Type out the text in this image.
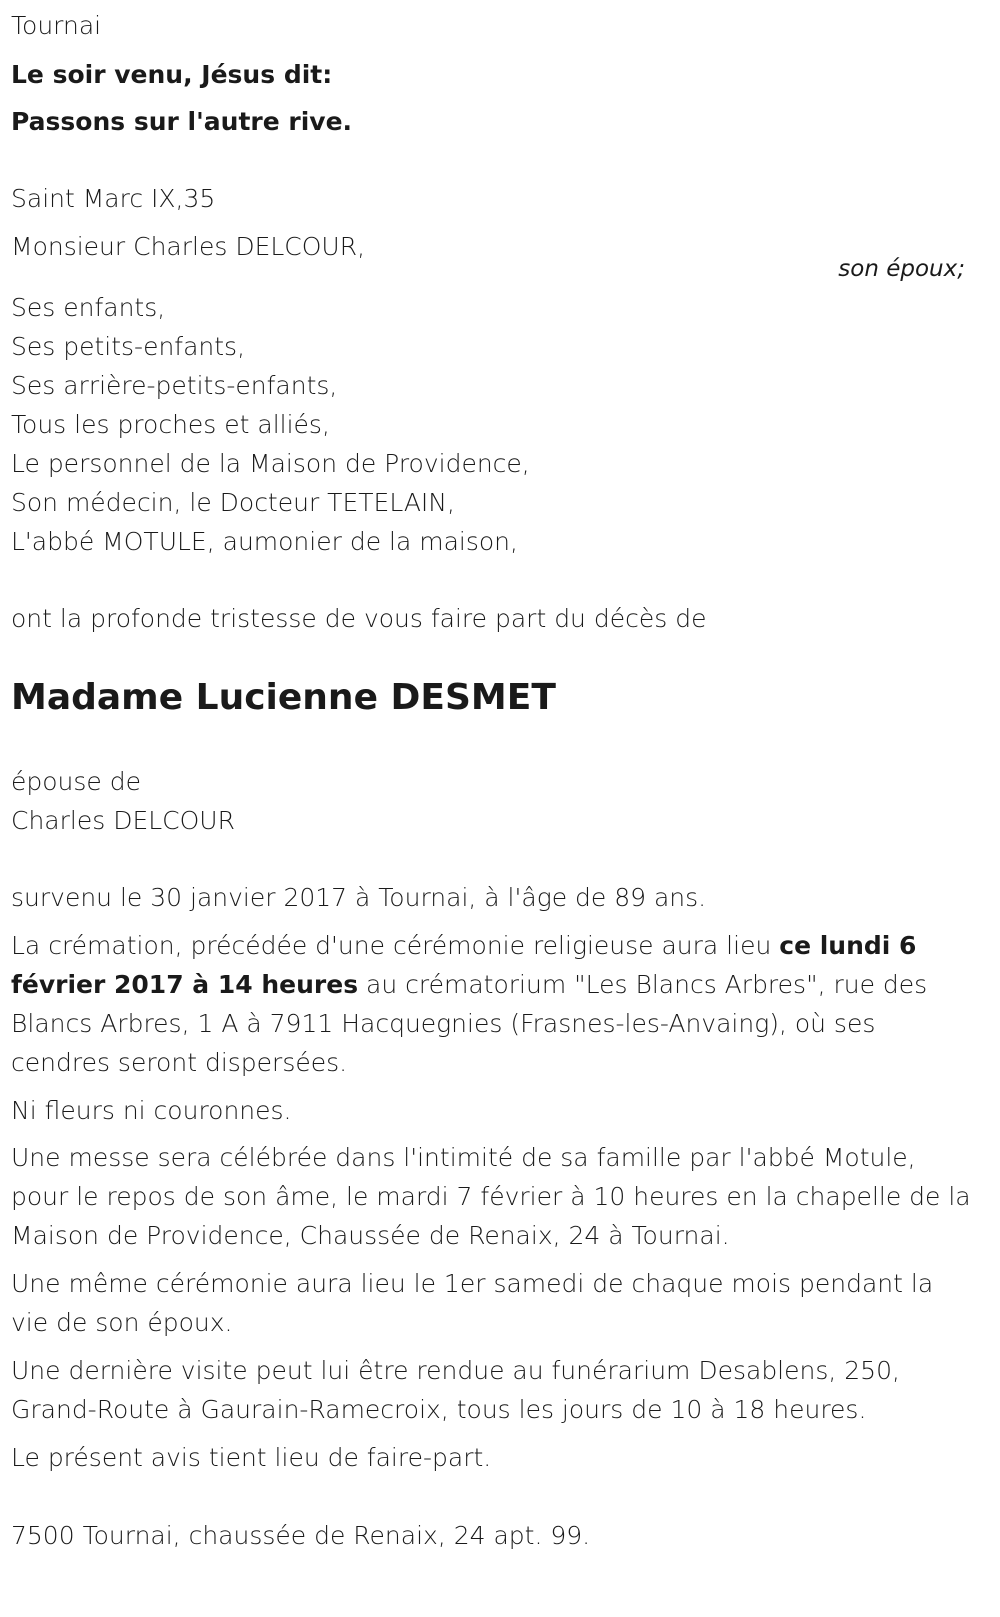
Tournai
Le soir venu, Jésus dit:
Passons sur l'autre rive.
Saint Marc IX,35
Monsieur Charles DELCOUR,
son époux;
Ses enfants,
Ses petits-enfants,
Ses arrière-petits-enfants,
Tous les proches et alliés,
Le personnel de la Maison de Providence,
Son médecin, le Docteur TETELAIN,
L'abbé MOTULE, aumonier de la maison,
ont la profonde tristesse de vous faire part du décès de
Madame Lucienne DESMET
épouse de
Charles DELCOUR
survenu le 30 janvier 2017 à Tournai, à l'âge de 89 ans.
La crémation, précédée d'une cérémonie religieuse aura lieu ce lundi 6 février 2017 à 14 heures au crématorium "Les Blancs Arbres", rue des Blancs Arbres, 1 A à 7911 Hacquegnies (Frasnes-les-Anvaing), où ses cendres seront dispersées.
Ni fleurs ni couronnes.
Une messe sera célébrée dans l'intimité de sa famille par l'abbé Motule, pour le repos de son âme, le mardi 7 février à 10 heures en la chapelle de la Maison de Providence, Chaussée de Renaix, 24 à Tournai.
Une même cérémonie aura lieu le 1er samedi de chaque mois pendant la vie de son époux.
Une dernière visite peut lui être rendue au funérarium Desablens, 250, Grand-Route à Gaurain-Ramecroix, tous les jours de 10 à 18 heures.
Le présent avis tient lieu de faire-part.
7500 Tournai, chaussée de Renaix, 24 apt. 99.
